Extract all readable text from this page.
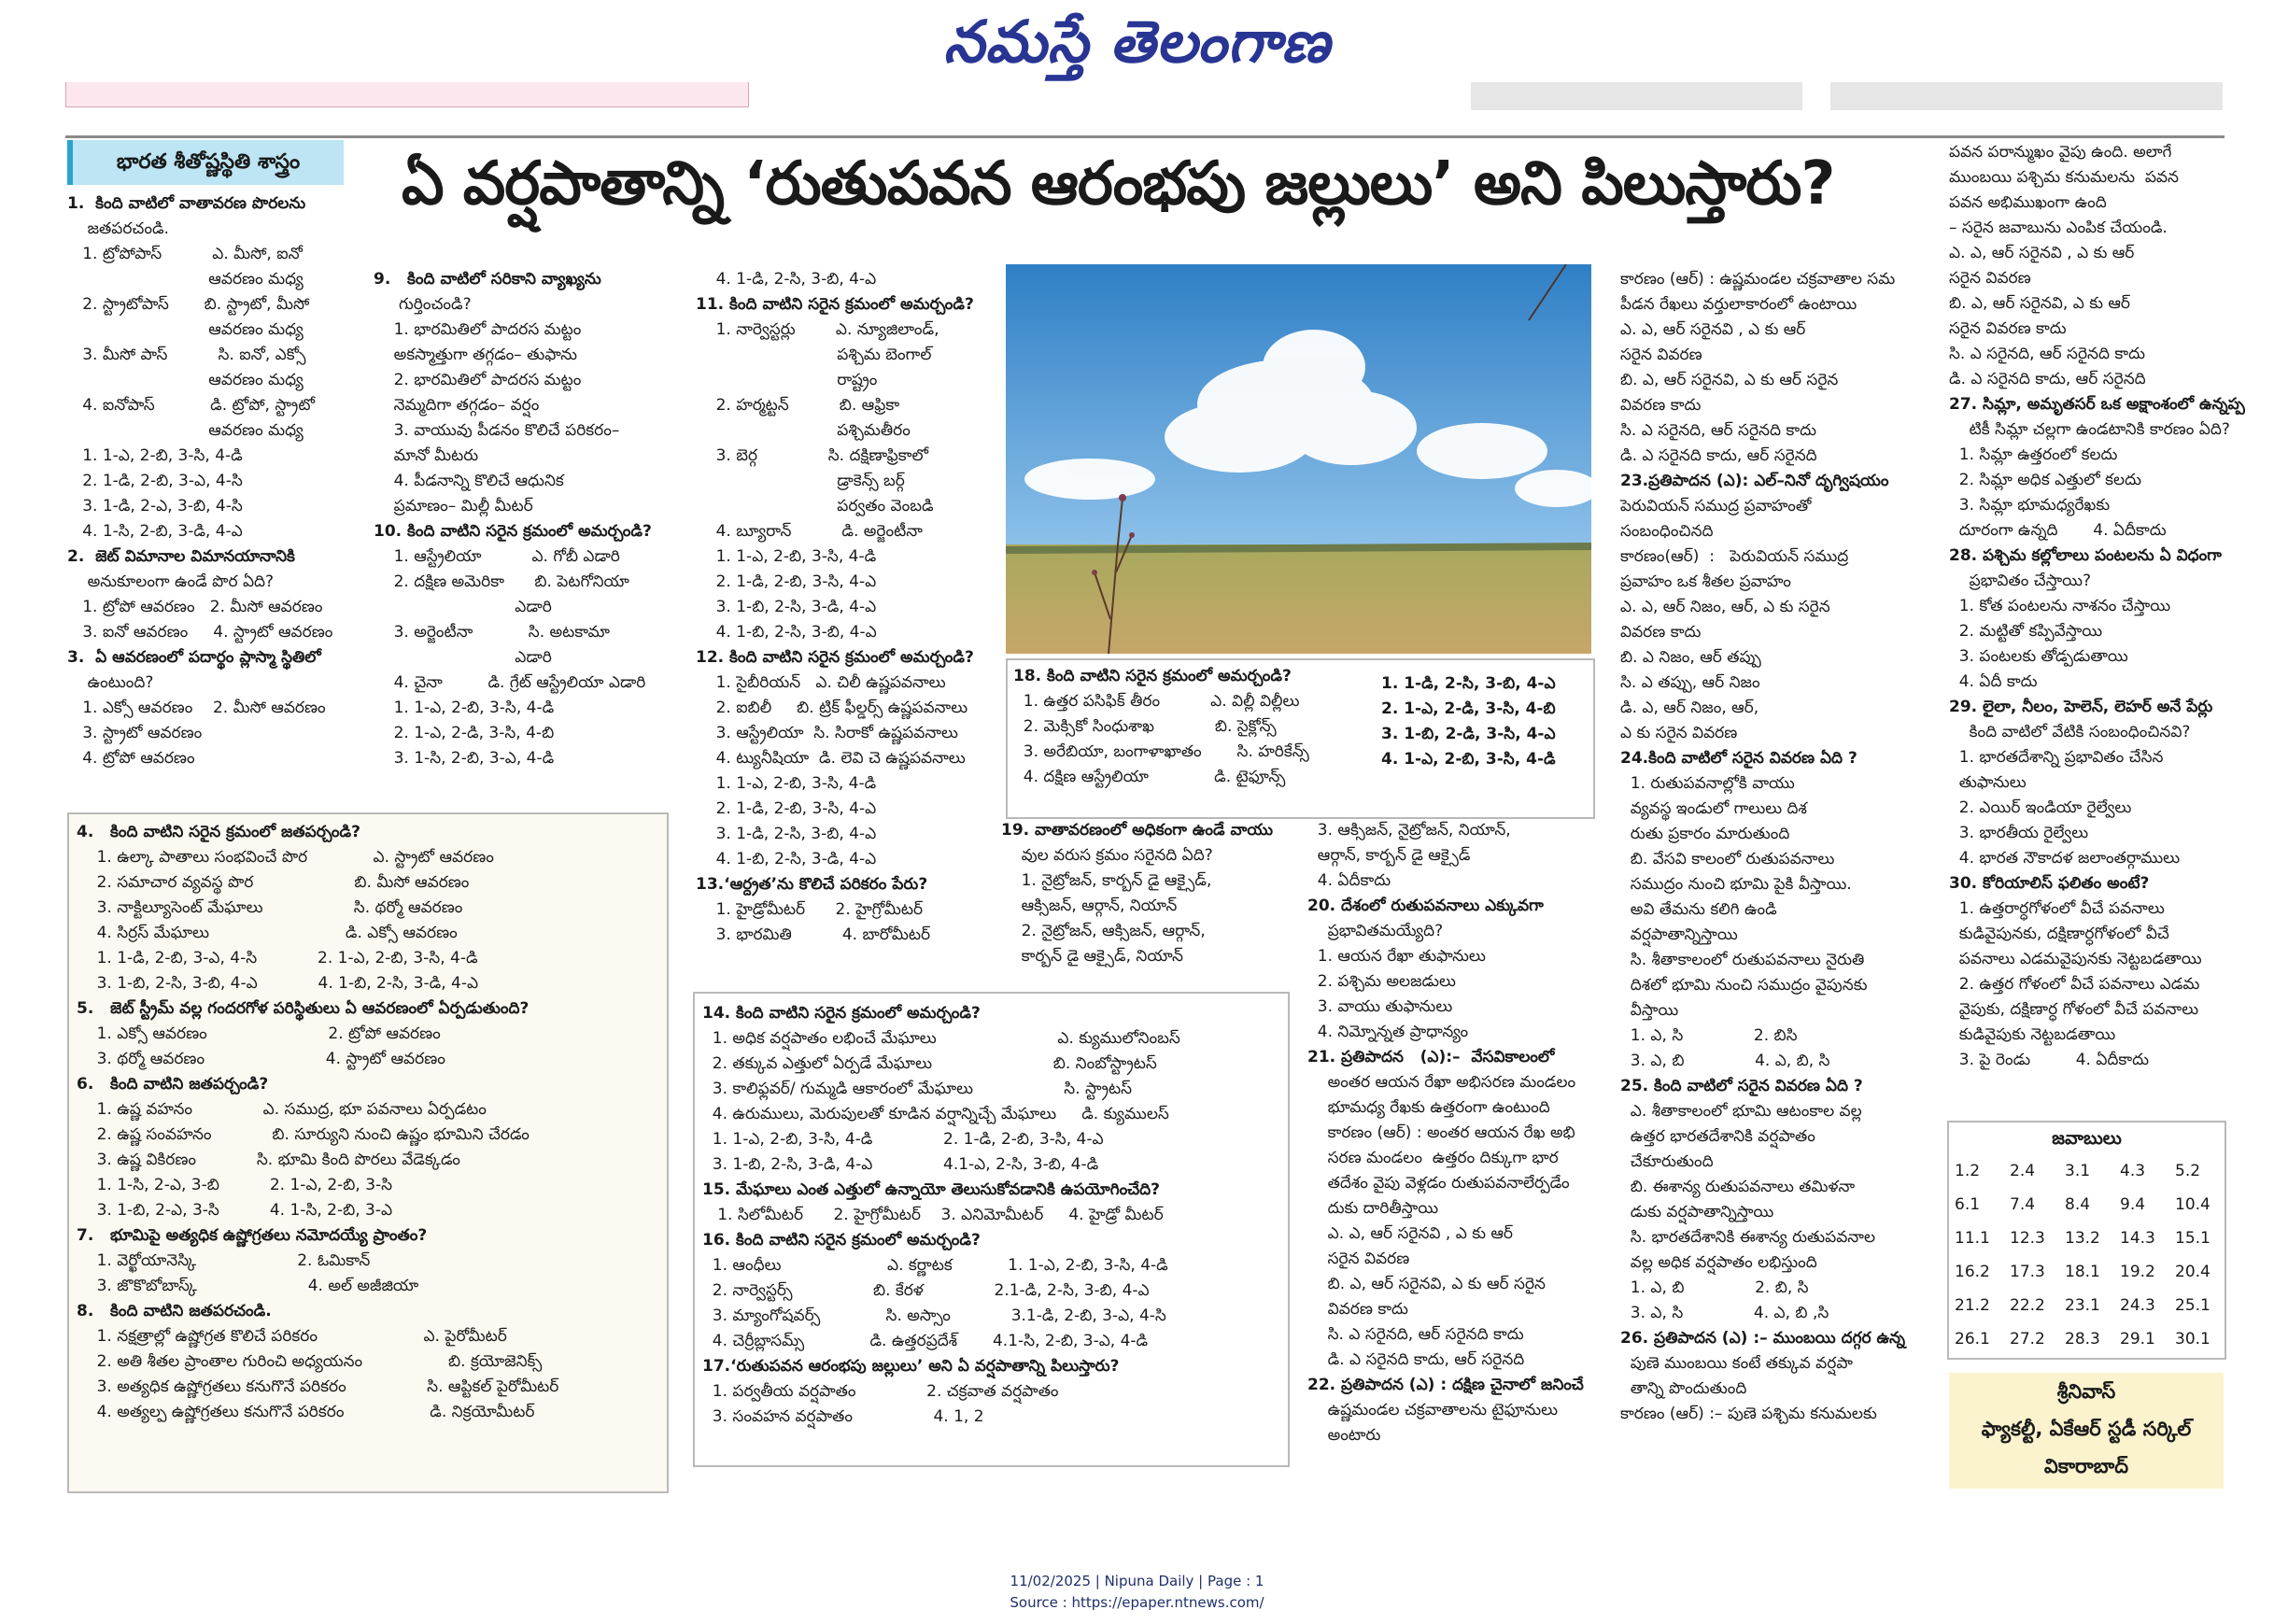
నమస్తే తెలంగాణ
భారత శీతోష్ణస్థితి శాస్త్రం	ఏ వర్షపాతాన్ని ‘రుతుపవన ఆరంభపు జల్లులు’ అని పిలుస్తారు?
1.  కింది వాటిలో వాతావరణ పొరలను
జతపరచండి.
1. ట్రోపోపాస్          ఎ. మీసో, ఐనో
ఆవరణం మధ్య
2. స్ట్రాటోపాస్       బి. స్ట్రాటో, మీసో
ఆవరణం మధ్య
3. మీసో పాస్          సి. ఐనో, ఎక్సో
ఆవరణం మధ్య
4. ఐనోపాస్           డి. ట్రోపో, స్ట్రాటో
ఆవరణం మధ్య
1. 1-ఎ, 2-బి, 3-సి, 4-డి
2. 1-డి, 2-బి, 3-ఎ, 4-సి
3. 1-డి, 2-ఎ, 3-బి, 4-సి
4. 1-సి, 2-బి, 3-డి, 4-ఎ
2.  జెట్ విమానాల విమానయానానికి
అనుకూలంగా ఉండే పొర ఏది?
1. ట్రోపో ఆవరణం   2. మీసో ఆవరణం
3. ఐనో ఆవరణం     4. స్ట్రాటో ఆవరణం
3.  ఏ ఆవరణంలో పదార్థం ప్లాస్మా స్థితిలో
ఉంటుంది?
1. ఎక్సో ఆవరణం    2. మీసో ఆవరణం
3. స్ట్రాటో ఆవరణం
4. ట్రోపో ఆవరణం
4.   కింది వాటిని సరైన క్రమంలో జతపర్చండి?
1. ఉల్కా పాతాలు సంభవించే పొర             ఎ. స్ట్రాటో ఆవరణం
2. సమాచార వ్యవస్థ పొర                    బి. మీసో ఆవరణం
3. నాక్టిల్యూసెంట్ మేఘాలు                  సి. థర్మో ఆవరణం
4. సిర్రస్ మేఘాలు                           డి. ఎక్సో ఆవరణం
1. 1-డి, 2-బి, 3-ఎ, 4-సి            2. 1-ఎ, 2-బి, 3-సి, 4-డి
3. 1-బి, 2-సి, 3-బి, 4-ఎ            4. 1-బి, 2-సి, 3-డి, 4-ఎ
5.   జెట్ స్ట్రీమ్ వల్ల గందరగోళ పరిస్థితులు ఏ ఆవరణంలో ఏర్పడుతుంది?
1. ఎక్సో ఆవరణం                        2. ట్రోపో ఆవరణం
3. థర్మో ఆవరణం                        4. స్ట్రాటో ఆవరణం
6.   కింది వాటిని జతపర్చండి?
1. ఉష్ణ వహనం              ఎ. సముద్ర, భూ పవనాలు ఏర్పడటం
2. ఉష్ణ సంవహనం            బి. సూర్యుని నుంచి ఉష్ణం భూమిని చేరడం
3. ఉష్ణ వికిరణం            సి. భూమి కింది పొరలు వేడెక్కడం
1. 1-సి, 2-ఎ, 3-బి          2. 1-ఎ, 2-బి, 3-సి
3. 1-బి, 2-ఎ, 3-సి          4. 1-సి, 2-బి, 3-ఎ
7.   భూమిపై అత్యధిక ఉష్ణోగ్రతలు నమోదయ్యే ప్రాంతం?
1. వెర్ఖోయానెస్కి                    2. ఓమికాన్
3. జొకొబోబాస్క్                      4. అల్ అజీజియా
8.   కింది వాటిని జతపరచండి.
1. నక్షత్రాల్లో ఉష్ణోగ్రత కొలిచే పరికరం                     ఎ. పైరోమీటర్
2. అతి శీతల ప్రాంతాల గురించి అధ్యయనం                 బి. క్రయోజెనిక్స్
3. అత్యధిక ఉష్ణోగ్రతలు కనుగొనే పరికరం                సి. ఆప్టికల్ పైరోమీటర్
4. అత్యల్ప ఉష్ణోగ్రతలు కనుగొనే పరికరం                 డి. నిక్రయోమీటర్
9.   కింది వాటిలో సరికాని వ్యాఖ్యను
గుర్తించండి?
1. భారమితిలో పాదరస మట్టం
అకస్మాత్తుగా తగ్గడం– తుఫాను
2. భారమితిలో పాదరస మట్టం
నెమ్మదిగా తగ్గడం– వర్షం
3. వాయువు పీడనం కొలిచే పరికరం–
మానో మీటరు
4. పీడనాన్ని కొలిచే ఆధునిక
ప్రమాణం– మిల్లీ మీటర్
10. కింది వాటిని సరైన క్రమంలో అమర్చండి?
1. ఆస్ట్రేలియా          ఎ. గోబీ ఎడారి
2. దక్షిణ అమెరికా      బి. పెటగోనియా
ఎడారి
3. అర్జెంటీనా           సి. అటకామా
ఎడారి
4. చైనా         డి. గ్రేట్ ఆస్ట్రేలియా ఎడారి
1. 1-ఎ, 2-బి, 3-సి, 4-డి
2. 1-ఎ, 2-డి, 3-సి, 4-బి
3. 1-సి, 2-బి, 3-ఎ, 4-డి
4. 1-డి, 2-సి, 3-బి, 4-ఎ
11. కింది వాటిని సరైన క్రమంలో అమర్చండి?
1. నార్వెస్టర్లు        ఎ. న్యూజిలాండ్,
పశ్చిమ బెంగాల్
రాష్ట్రం
2. హర్మట్టన్          బి. ఆఫ్రికా
పశ్చిమతీరం
3. బెర్గ              సి. దక్షిణాఫ్రికాలో
డ్రాకెన్స్ బర్గ్
పర్వతం వెంబడి
4. బ్యూరాన్          డి. అర్జెంటీనా
1. 1-ఎ, 2-బి, 3-సి, 4-డి
2. 1-డి, 2-బి, 3-సి, 4-ఎ
3. 1-బి, 2-సి, 3-డి, 4-ఎ
4. 1-బి, 2-సి, 3-బి, 4-ఎ
12. కింది వాటిని సరైన క్రమంలో అమర్చండి?
1. సైబీరియన్   ఎ. చిలీ ఉష్ణపవనాలు
2. ఐబిలీ     బి. ట్రిక్ ఫీల్డర్స్ ఉష్ణపవనాలు
3. ఆస్ట్రేలియా  సి. సిరాకో ఉష్ణపవనాలు
4. ట్యునీషియా  డి. లెవి చె ఉష్ణపవనాలు
1. 1-ఎ, 2-బి, 3-సి, 4-డి
2. 1-డి, 2-బి, 3-సి, 4-ఎ
3. 1-డి, 2-సి, 3-బి, 4-ఎ
4. 1-బి, 2-సి, 3-డి, 4-ఎ
13.‘ఆర్ద్రత’ను కొలిచే పరికరం పేరు?
1. హైడ్రోమీటర్      2. హైగ్రోమీటర్
3. భారమితి          4. బారోమీటర్
14. కింది వాటిని సరైన క్రమంలో అమర్చండి?
1. అధిక వర్షపాతం లభించే మేఘాలు                        ఎ. క్యుములోనింబస్
2. తక్కువ ఎత్తులో ఏర్పడే మేఘాలు                        బి. నింబోస్ట్రాటస్
3. కాలిఫ్లవర్/ గుమ్మడి ఆకారంలో మేఘాలు                  సి. స్ట్రాటస్
4. ఉరుములు, మెరుపులతో కూడిన వర్షాన్నిచ్చే మేఘాలు     డి. క్యుములస్
1. 1-ఎ, 2-బి, 3-సి, 4-డి              2. 1-డి, 2-బి, 3-సి, 4-ఎ
3. 1-బి, 2-సి, 3-డి, 4-ఎ              4.1-ఎ, 2-సి, 3-బి, 4-డి
15. మేఘాలు ఎంత ఎత్తులో ఉన్నాయో తెలుసుకోవడానికి ఉపయోగించేది?
1. సిలోమీటర్      2. హైగ్రోమీటర్    3. ఎనిమోమీటర్     4. హైడ్రో మీటర్
16. కింది వాటిని సరైన క్రమంలో అమర్చండి?
1. ఆంధీలు                     ఎ. కర్ణాటక           1. 1-ఎ, 2-బి, 3-సి, 4-డి
2. నార్వెస్టర్స్                బి. కేరళ              2.1-డి, 2-సి, 3-బి, 4-ఎ
3. మ్యాంగోషవర్స్             సి. అస్సాం            3.1-డి, 2-బి, 3-ఎ, 4-సి
4. చెర్రీబ్లాసమ్స్             డి. ఉత్తరప్రదేశ్       4.1-సి, 2-బి, 3-ఎ, 4-డి
17.‘రుతుపవన ఆరంభపు జల్లులు’ అని ఏ వర్షపాతాన్ని పిలుస్తారు?
1. పర్వతీయ వర్షపాతం              2. చక్రవాత వర్షపాతం
3. సంవహన వర్షపాతం                4. 1, 2
18. కింది వాటిని సరైన క్రమంలో అమర్చండి?
1. ఉత్తర పసిఫిక్ తీరం          ఎ. విల్లీ విల్లీలు
2. మెక్సికో సింధుశాఖ            బి. సైక్లోన్స్
3. అరేబియా, బంగాళాఖాతం       సి. హరికేన్స్
4. దక్షిణ ఆస్ట్రేలియా             డి. టైఫూన్స్
1. 1-డి, 2-సి, 3-బి, 4-ఎ
2. 1-ఎ, 2-డి, 3-సి, 4-బి
3. 1-బి, 2-డి, 3-సి, 4-ఎ
4. 1-ఎ, 2-బి, 3-సి, 4-డి
19. వాతావరణంలో అధికంగా ఉండే వాయు
వుల వరుస క్రమం సరైనది ఏది?
1. నైట్రోజన్, కార్బన్ డై ఆక్సైడ్,
ఆక్సిజన్, ఆర్గాన్, నియాన్
2. నైట్రోజన్, ఆక్సిజన్, ఆర్గాన్,
కార్బన్ డై ఆక్సైడ్, నియాన్
3. ఆక్సిజన్, నైట్రోజన్, నియాన్,
ఆర్గాన్, కార్బన్ డై ఆక్సైడ్
4. ఏదీకాదు
20. దేశంలో రుతుపవనాలు ఎక్కువగా
ప్రభావితమయ్యేది?
1. ఆయన రేఖా తుఫానులు
2. పశ్చిమ అలజడులు
3. వాయు తుఫానులు
4. నిమ్నోన్నత ప్రాధాన్యం
21. ప్రతిపాదన   (ఎ):–  వేసవికాలంలో
అంతర ఆయన రేఖా అభిసరణ మండలం
భూమధ్య రేఖకు ఉత్తరంగా ఉంటుంది
కారణం (ఆర్) : అంతర ఆయన రేఖ అభి
సరణ మండలం  ఉత్తరం దిక్కుగా భార
తదేశం వైపు వెళ్లడం రుతుపవనాలేర్పడేం
దుకు దారితీస్తాయి
ఎ. ఎ, ఆర్ సరైనవి , ఎ కు ఆర్
సరైన వివరణ
బి. ఎ, ఆర్ సరైనవి, ఎ కు ఆర్ సరైన
వివరణ కాదు
సి. ఎ సరైనది, ఆర్ సరైనది కాదు
డి. ఎ సరైనది కాదు, ఆర్ సరైనది
22. ప్రతిపాదన (ఎ) : దక్షిణ చైనాలో జనించే
ఉష్ణమండల చక్రవాతాలను టైఫూనులు
అంటారు
కారణం (ఆర్) : ఉష్ణమండల చక్రవాతాల సమ
పీడన రేఖలు వర్తులాకారంలో ఉంటాయి
ఎ. ఎ, ఆర్ సరైనవి , ఎ కు ఆర్
సరైన వివరణ
బి. ఎ, ఆర్ సరైనవి, ఎ కు ఆర్ సరైన
వివరణ కాదు
సి. ఎ సరైనది, ఆర్ సరైనది కాదు
డి. ఎ సరైనది కాదు, ఆర్ సరైనది
23.ప్రతిపాదన (ఎ): ఎల్–నినో దృగ్విషయం
పెరువియన్ సముద్ర ప్రవాహంతో
సంబంధించినది
కారణం(ఆర్)  :   పెరువియన్ సముద్ర
ప్రవాహం ఒక శీతల ప్రవాహం
ఎ. ఎ, ఆర్ నిజం, ఆర్, ఎ కు సరైన
వివరణ కాదు
బి. ఎ నిజం, ఆర్ తప్పు
సి. ఎ తప్పు, ఆర్ నిజం
డి. ఎ, ఆర్ నిజం, ఆర్,
ఎ కు సరైన వివరణ
24.కింది వాటిలో సరైన వివరణ ఏది ?
1. రుతుపవనాల్లోకి వాయు
వ్యవస్థ ఇండులో గాలులు దిశ
రుతు ప్రకారం మారుతుంది
బి. వేసవి కాలంలో రుతుపవనాలు
సముద్రం నుంచి భూమి పైకి వీస్తాయి.
అవి తేమను కలిగి ఉండి
వర్షపాతాన్నిస్తాయి
సి. శీతాకాలంలో రుతుపవనాలు నైరుతి
దిశలో భూమి నుంచి సముద్రం వైపునకు
వీస్తాయి
1. ఎ, సి              2. బిసి
3. ఎ, బి              4. ఎ, బి, సి
25. కింది వాటిలో సరైన వివరణ ఏది ?
ఎ. శీతాకాలంలో భూమి ఆటంకాల వల్ల
ఉత్తర భారతదేశానికి వర్షపాతం
చేకూరుతుంది
బి. ఈశాన్య రుతుపవనాలు తమిళనా
డుకు వర్షపాతాన్నిస్తాయి
సి. భారతదేశానికి ఈశాన్య రుతుపవనాల
వల్ల అధిక వర్షపాతం లభిస్తుంది
1. ఎ, బి              2. బి, సి
3. ఎ, సి              4. ఎ, బి ,సి
26. ప్రతిపాదన (ఎ) :– ముంబయి దగ్గర ఉన్న
పుణె ముంబయి కంటే తక్కువ వర్షపా
తాన్ని పొందుతుంది
కారణం (ఆర్) :– పుణె పశ్చిమ కనుమలకు
పవన పరాన్ముఖం వైపు ఉంది. అలాగే
ముంబయి పశ్చిమ కనుమలను  పవన
పవన అభిముఖంగా ఉంది
– సరైన జవాబును ఎంపిక చేయండి.
ఎ. ఎ, ఆర్ సరైనవి , ఎ కు ఆర్
సరైన వివరణ
బి. ఎ, ఆర్ సరైనవి, ఎ కు ఆర్
సరైన వివరణ కాదు
సి. ఎ సరైనది, ఆర్ సరైనది కాదు
డి. ఎ సరైనది కాదు, ఆర్ సరైనది
27. సిమ్లా, అమృతసర్ ఒక అక్షాంశంలో ఉన్నప్ప
టికీ సిమ్లా చల్లగా ఉండటానికి కారణం ఏది?
1. సిమ్లా ఉత్తరంలో కలదు
2. సిమ్లా అధిక ఎత్తులో కలదు
3. సిమ్లా భూమధ్యరేఖకు
దూరంగా ఉన్నది       4. ఏదీకాదు
28. పశ్చిమ కల్లోలాలు పంటలను ఏ విధంగా
ప్రభావితం చేస్తాయి?
1. కోత పంటలను నాశనం చేస్తాయి
2. మట్టితో కప్పివేస్తాయి
3. పంటలకు తోడ్పడుతాయి
4. ఏదీ కాదు
29. లైలా, నీలం, హెలెన్, లెహర్ అనే పేర్లు
కింది వాటిలో వేటికి సంబంధించినవి?
1. భారతదేశాన్ని ప్రభావితం చేసిన
తుఫానులు
2. ఎయిర్ ఇండియా రైల్వేలు
3. భారతీయ రైల్వేలు
4. భారత నౌకాదళ జలాంతర్గాములు
30. కోరియాలిస్ ఫలితం అంటే?
1. ఉత్తరార్ధగోళంలో వీచే పవనాలు
కుడివైపునకు, దక్షిణార్ధగోళంలో వీచే
పవనాలు ఎడమవైపునకు నెట్టబడతాయి
2. ఉత్తర గోళంలో వీచే పవనాలు ఎడమ
వైపుకు, దక్షిణార్ధ గోళంలో వీచే పవనాలు
కుడివైపుకు నెట్టబడతాయి
3. పై రెండు         4. ఏదీకాదు
జవాబులు
1.2	2.4	3.1	4.3	5.2
6.1	7.4	8.4	9.4	10.4
11.1	12.3	13.2	14.3	15.1
16.2	17.3	18.1	19.2	20.4
21.2	22.2	23.1	24.3	25.1
26.1	27.2	28.3	29.1	30.1
శ్రీనివాస్
ఫ్యాకల్టీ, ఏకేఆర్ స్టడీ సర్కిల్
వికారాబాద్
11/02/2025 | Nipuna Daily | Page : 1
Source : https://epaper.ntnews.com/
